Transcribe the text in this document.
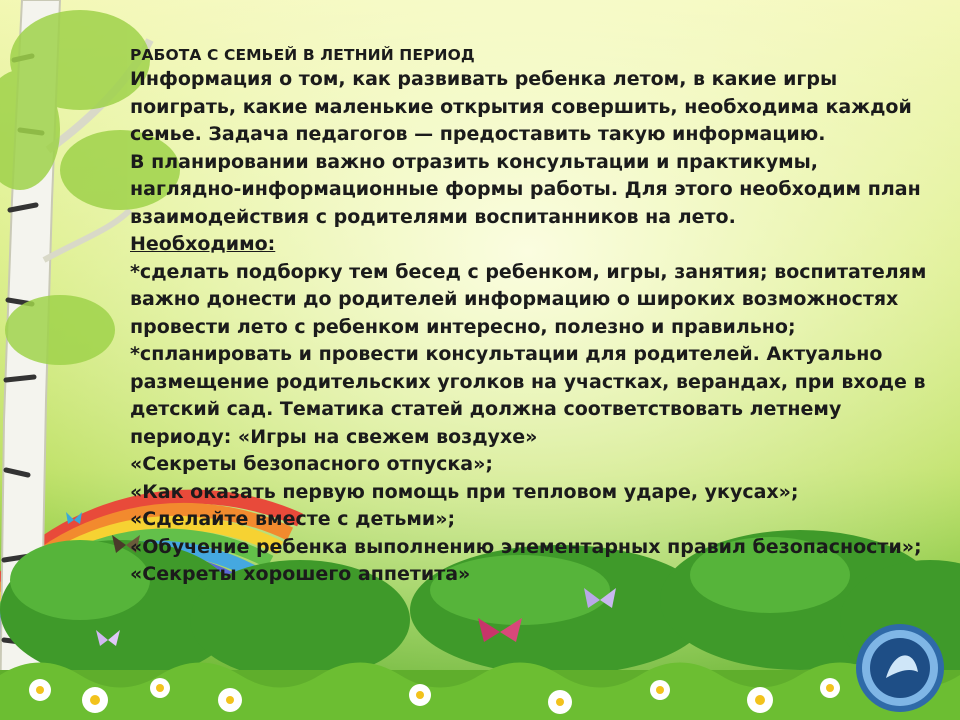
РАБОТА С СЕМЬЕЙ В ЛЕТНИЙ ПЕРИОД

Информация о том, как развивать ребенка летом, в какие игры поиграть, какие маленькие открытия совершить, необходима каждой семье. Задача педагогов — предоставить такую информацию.

В планировании важно отразить консультации и практикумы, наглядно-информационные формы работы. Для этого необходим план взаимодействия с родителями воспитанников на лето.

Необходимо:

*сделать подборку тем бесед с ребенком, игры, занятия; воспитателям важно донести до родителей информацию о широких возможностях провести лето с ребенком интересно, полезно и правильно;

*спланировать и провести консультации для родителей. Актуально размещение родительских уголков на участках, верандах, при входе в детский сад. Тематика статей должна соответствовать летнему периоду: «Игры на свежем воздухе»

«Секреты безопасного отпуска»;

«Как оказать первую помощь при тепловом ударе, укусах»;

«Сделайте вместе с детьми»;

«Обучение ребенка выполнению элементарных правил безопасности»;

«Секреты хорошего аппетита»
